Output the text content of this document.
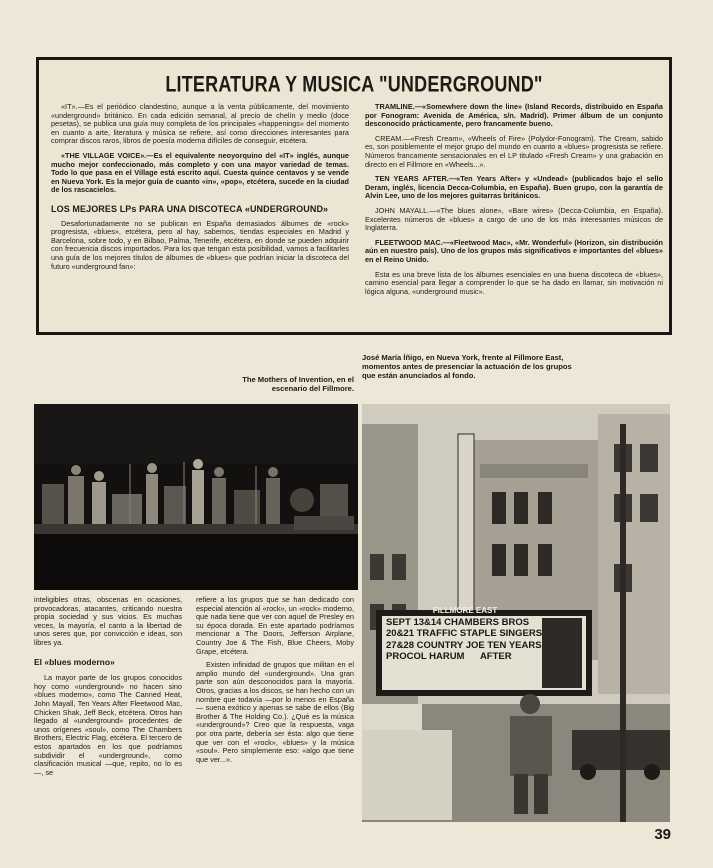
LITERATURA Y MUSICA "UNDERGROUND"

«IT».—Es el periódico clandestino, aunque a la venta públicamente, del movimiento «underground» británico. En cada edición semanal, al precio de chelín y medio (doce pesetas), se publica una guía muy completa de los principales «happenings» del momento en cuanto a arte, literatura y música se refiere, así como direcciones interesantes para comprar discos raros, libros de poesía moderna difíciles de conseguir, etcétera.

«THE VILLAGE VOICE».—Es el equivalente neoyorquino del «IT» inglés, aunque mucho mejor confeccionado, más completo y con una mayor variedad de temas. Todo lo que pasa en el Village está escrito aquí. Cuesta quince centavos y se vende en Nueva York. Es la mejor guía de cuanto «in», «pop», etcétera, sucede en la ciudad de los rascacielos.

LOS MEJORES LPs PARA UNA DISCOTECA «UNDERGROUND»

Desafortunadamente no se publican en España demasiados álbumes de «rock» progresista, «blues», etcétera, pero al hay, sabemos, tiendas especiales en Madrid y Barcelona, sobre todo, y en Bilbao, Palma, Tenerife, etcétera, en donde se pueden adquirir con frecuencia discos importados. Para los que tengan esta posibilidad, vamos a facilitarles una guía de los mejores títulos de álbumes de «blues» que podrían iniciar la discoteca del futuro «underground fan»:

TRAMLINE.—«Somewhere down the line» (Island Records, distribuido en España por Fonogram: Avenida de América, s/n. Madrid). Primer álbum de un conjunto desconocido prácticamente, pero francamente bueno.

CREAM.—«Fresh Cream», «Wheels of Fire» (Polydor-Fonogram). The Cream, sabido es, son posiblemente el mejor grupo del mundo en cuanto a «blues» progresista se refiere. Números francamente sensacionales en el LP titulado «Fresh Cream» y una grabación en directo en el Fillmore en «Wheels...».

TEN YEARS AFTER.—«Ten Years After» y «Undead» (publicados bajo el sello Deram, inglés, licencia Decca-Columbia, en España). Buen grupo, con la garantía de Alvin Lee, uno de los mejores guitarras británicos.

JOHN MAYALL.—«The blues alone», «Bare wires» (Decca-Columbia, en España). Excelentes números de «blues» a cargo de uno de los más interesantes músicos de Inglaterra.

FLEETWOOD MAC.—«Fleetwood Mac», «Mr. Wonderful» (Horizon, sin distribución aún en nuestro país). Uno de los grupos más significativos e importantes del «blues» en el Reino Unido.

Esta es una breve lista de los álbumes esenciales en una buena discoteca de «blues», camino esencial para llegar a comprender lo que se ha dado en llamar, sin motivación ni lógica alguna, «underground music».

The Mothers of Invention, en el escenario del Fillmore.
José María Íñigo, en Nueva York, frente al Fillmore East, momentos antes de presenciar la actuación de los grupos que están anunciados al fondo.
FILLMORE EAST
SEPT 13&14 CHAMBERS BROS
20&21 TRAFFIC STAPLE SINGERS
27&28 COUNTRY JOE TEN YEARS
PROCOL HARUM      AFTER

inteligibles otras, obscenas en ocasiones, provocadoras, atacantes, criticando nuestra propia sociedad y sus vicios. Es muchas veces, la mayoría, el canto a la libertad de unos seres que, por convicción e ideas, son libres ya.

El «blues moderno»

La mayor parte de los grupos conocidos hoy como «underground» no hacen sino «blues moderno», como The Canned Heat, John Mayall, Ten Years After Fleetwood Mac, Chicken Shak, Jeff Beck, etcétera. Otros han llegado al «underground» procedentes de unos orígenes «soul», como The Chambers Brothers, Electric Flag, etcétera. El tercero de estos apartados en los que podríamos subdividir el «underground», como clasificación musical —que, repito, no lo es—, se

refiere a los grupos que se han dedicado con especial atención al «rock», un «rock» moderno, que nada tiene que ver con aquel de Presley en su época dorada. En este apartado podríamos mencionar a The Doors, Jefferson Airplane, Country Joe & The Fish, Blue Cheers, Moby Grape, etcétera.

Existen infinidad de grupos que militan en el amplio mundo del «underground». Una gran parte son aún desconocidos para la mayoría. Otros, gracias a los discos, se han hecho con un nombre que todavía —por lo menos en España— suena exótico y apenas se sabe de ellos (Big Brother & The Holding Co.). ¿Qué es la música «underground»? Creo que la respuesta, vaga por otra parte, debería ser ésta: algo que tiene que ver con el «rock», «blues» y la música «soul». Pero simplemente eso: «algo que tiene que ver...».

39
